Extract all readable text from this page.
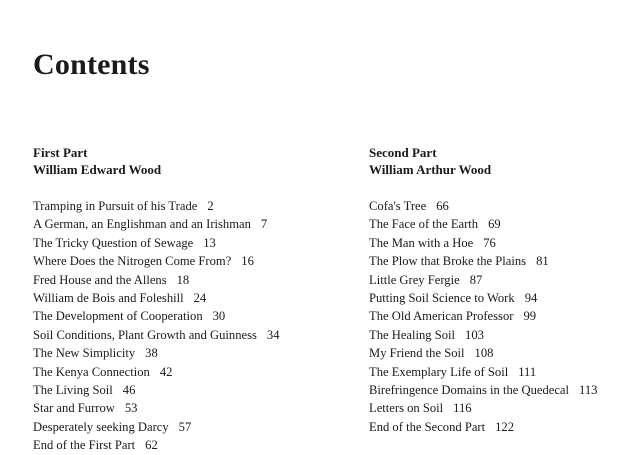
Contents
First Part
William Edward Wood
Tramping in Pursuit of his Trade 2
A German, an Englishman and an Irishman 7
The Tricky Question of Sewage 13
Where Does the Nitrogen Come From? 16
Fred House and the Allens 18
William de Bois and Foleshill 24
The Development of Cooperation 30
Soil Conditions, Plant Growth and Guinness 34
The New Simplicity 38
The Kenya Connection 42
The Living Soil 46
Star and Furrow 53
Desperately seeking Darcy 57
End of the First Part 62
Second Part
William Arthur Wood
Cofa's Tree 66
The Face of the Earth 69
The Man with a Hoe 76
The Plow that Broke the Plains 81
Little Grey Fergie 87
Putting Soil Science to Work 94
The Old American Professor 99
The Healing Soil 103
My Friend the Soil 108
The Exemplary Life of Soil 111
Birefringence Domains in the Quedecal 113
Letters on Soil 116
End of the Second Part 122
